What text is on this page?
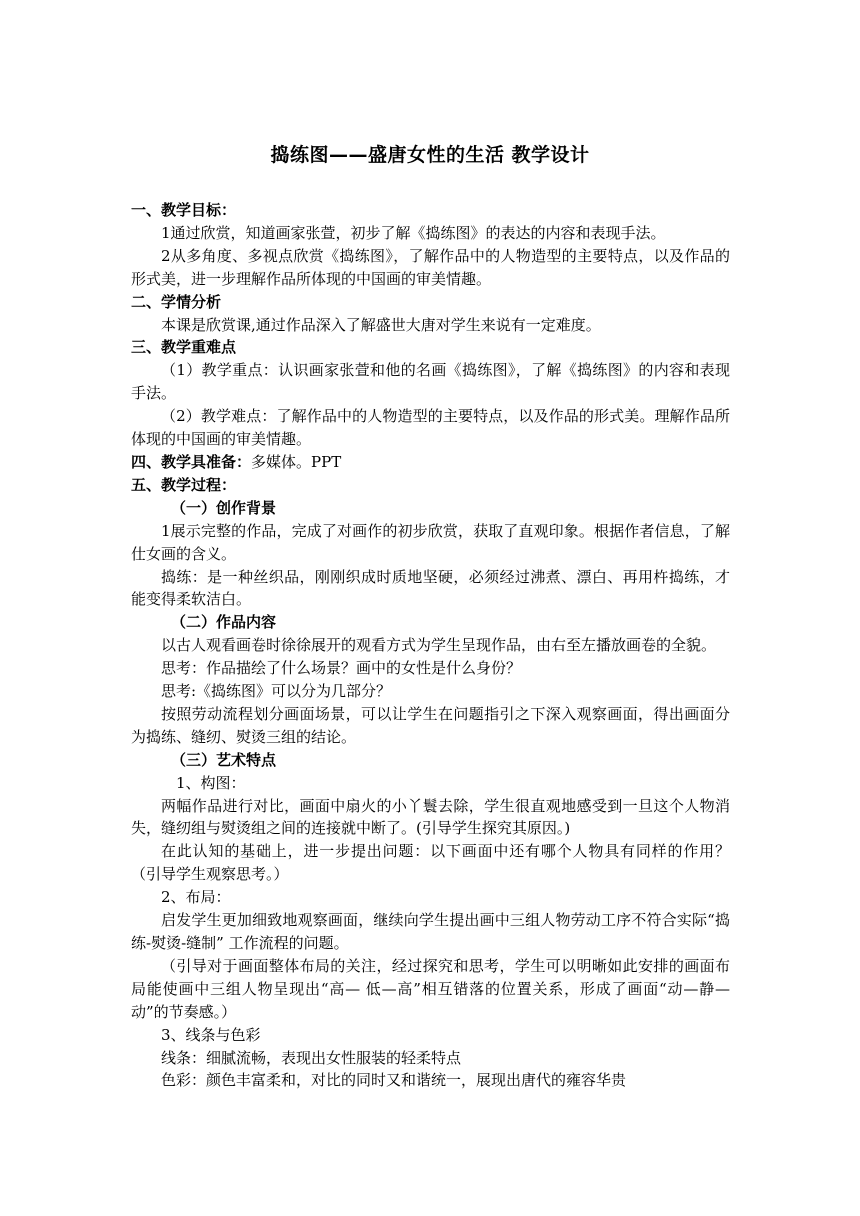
捣练图——盛唐女性的生活 教学设计

一、教学目标：

1通过欣赏，知道画家张萱，初步了解《捣练图》的表达的内容和表现手法。

2从多角度、多视点欣赏《捣练图》，了解作品中的人物造型的主要特点，以及作品的形式美，进一步理解作品所体现的中国画的审美情趣。

二、学情分析

本课是欣赏课,通过作品深入了解盛世大唐对学生来说有一定难度。

三、教学重难点

（1）教学重点：认识画家张萱和他的名画《捣练图》，了解《捣练图》的内容和表现手法。

（2）教学难点：了解作品中的人物造型的主要特点，以及作品的形式美。理解作品所体现的中国画的审美情趣。

四、教学具准备：多媒体。PPT

五、教学过程：

（一）创作背景

1展示完整的作品，完成了对画作的初步欣赏，获取了直观印象。根据作者信息，了解仕女画的含义。

捣练：是一种丝织品，刚刚织成时质地坚硬，必须经过沸煮、漂白、再用杵捣练，才能变得柔软洁白。

（二）作品内容

以古人观看画卷时徐徐展开的观看方式为学生呈现作品，由右至左播放画卷的全貌。

思考：作品描绘了什么场景？画中的女性是什么身份？

思考:《捣练图》可以分为几部分？

按照劳动流程划分画面场景，可以让学生在问题指引之下深入观察画面，得出画面分为捣练、缝纫、熨烫三组的结论。

（三）艺术特点

1、构图：

两幅作品进行对比，画面中扇火的小丫鬟去除，学生很直观地感受到一旦这个人物消失，缝纫组与熨烫组之间的连接就中断了。(引导学生探究其原因。)

在此认知的基础上，进一步提出问题：以下画面中还有哪个人物具有同样的作用？（引导学生观察思考。）

2、布局：

启发学生更加细致地观察画面，继续向学生提出画中三组人物劳动工序不符合实际“捣练-熨烫-缝制” 工作流程的问题。

（引导对于画面整体布局的关注，经过探究和思考，学生可以明晰如此安排的画面布局能使画中三组人物呈现出“高— 低—高”相互错落的位置关系，形成了画面“动—静—动”的节奏感。）

3、线条与色彩

线条：细腻流畅，表现出女性服装的轻柔特点

色彩：颜色丰富柔和，对比的同时又和谐统一，展现出唐代的雍容华贵
